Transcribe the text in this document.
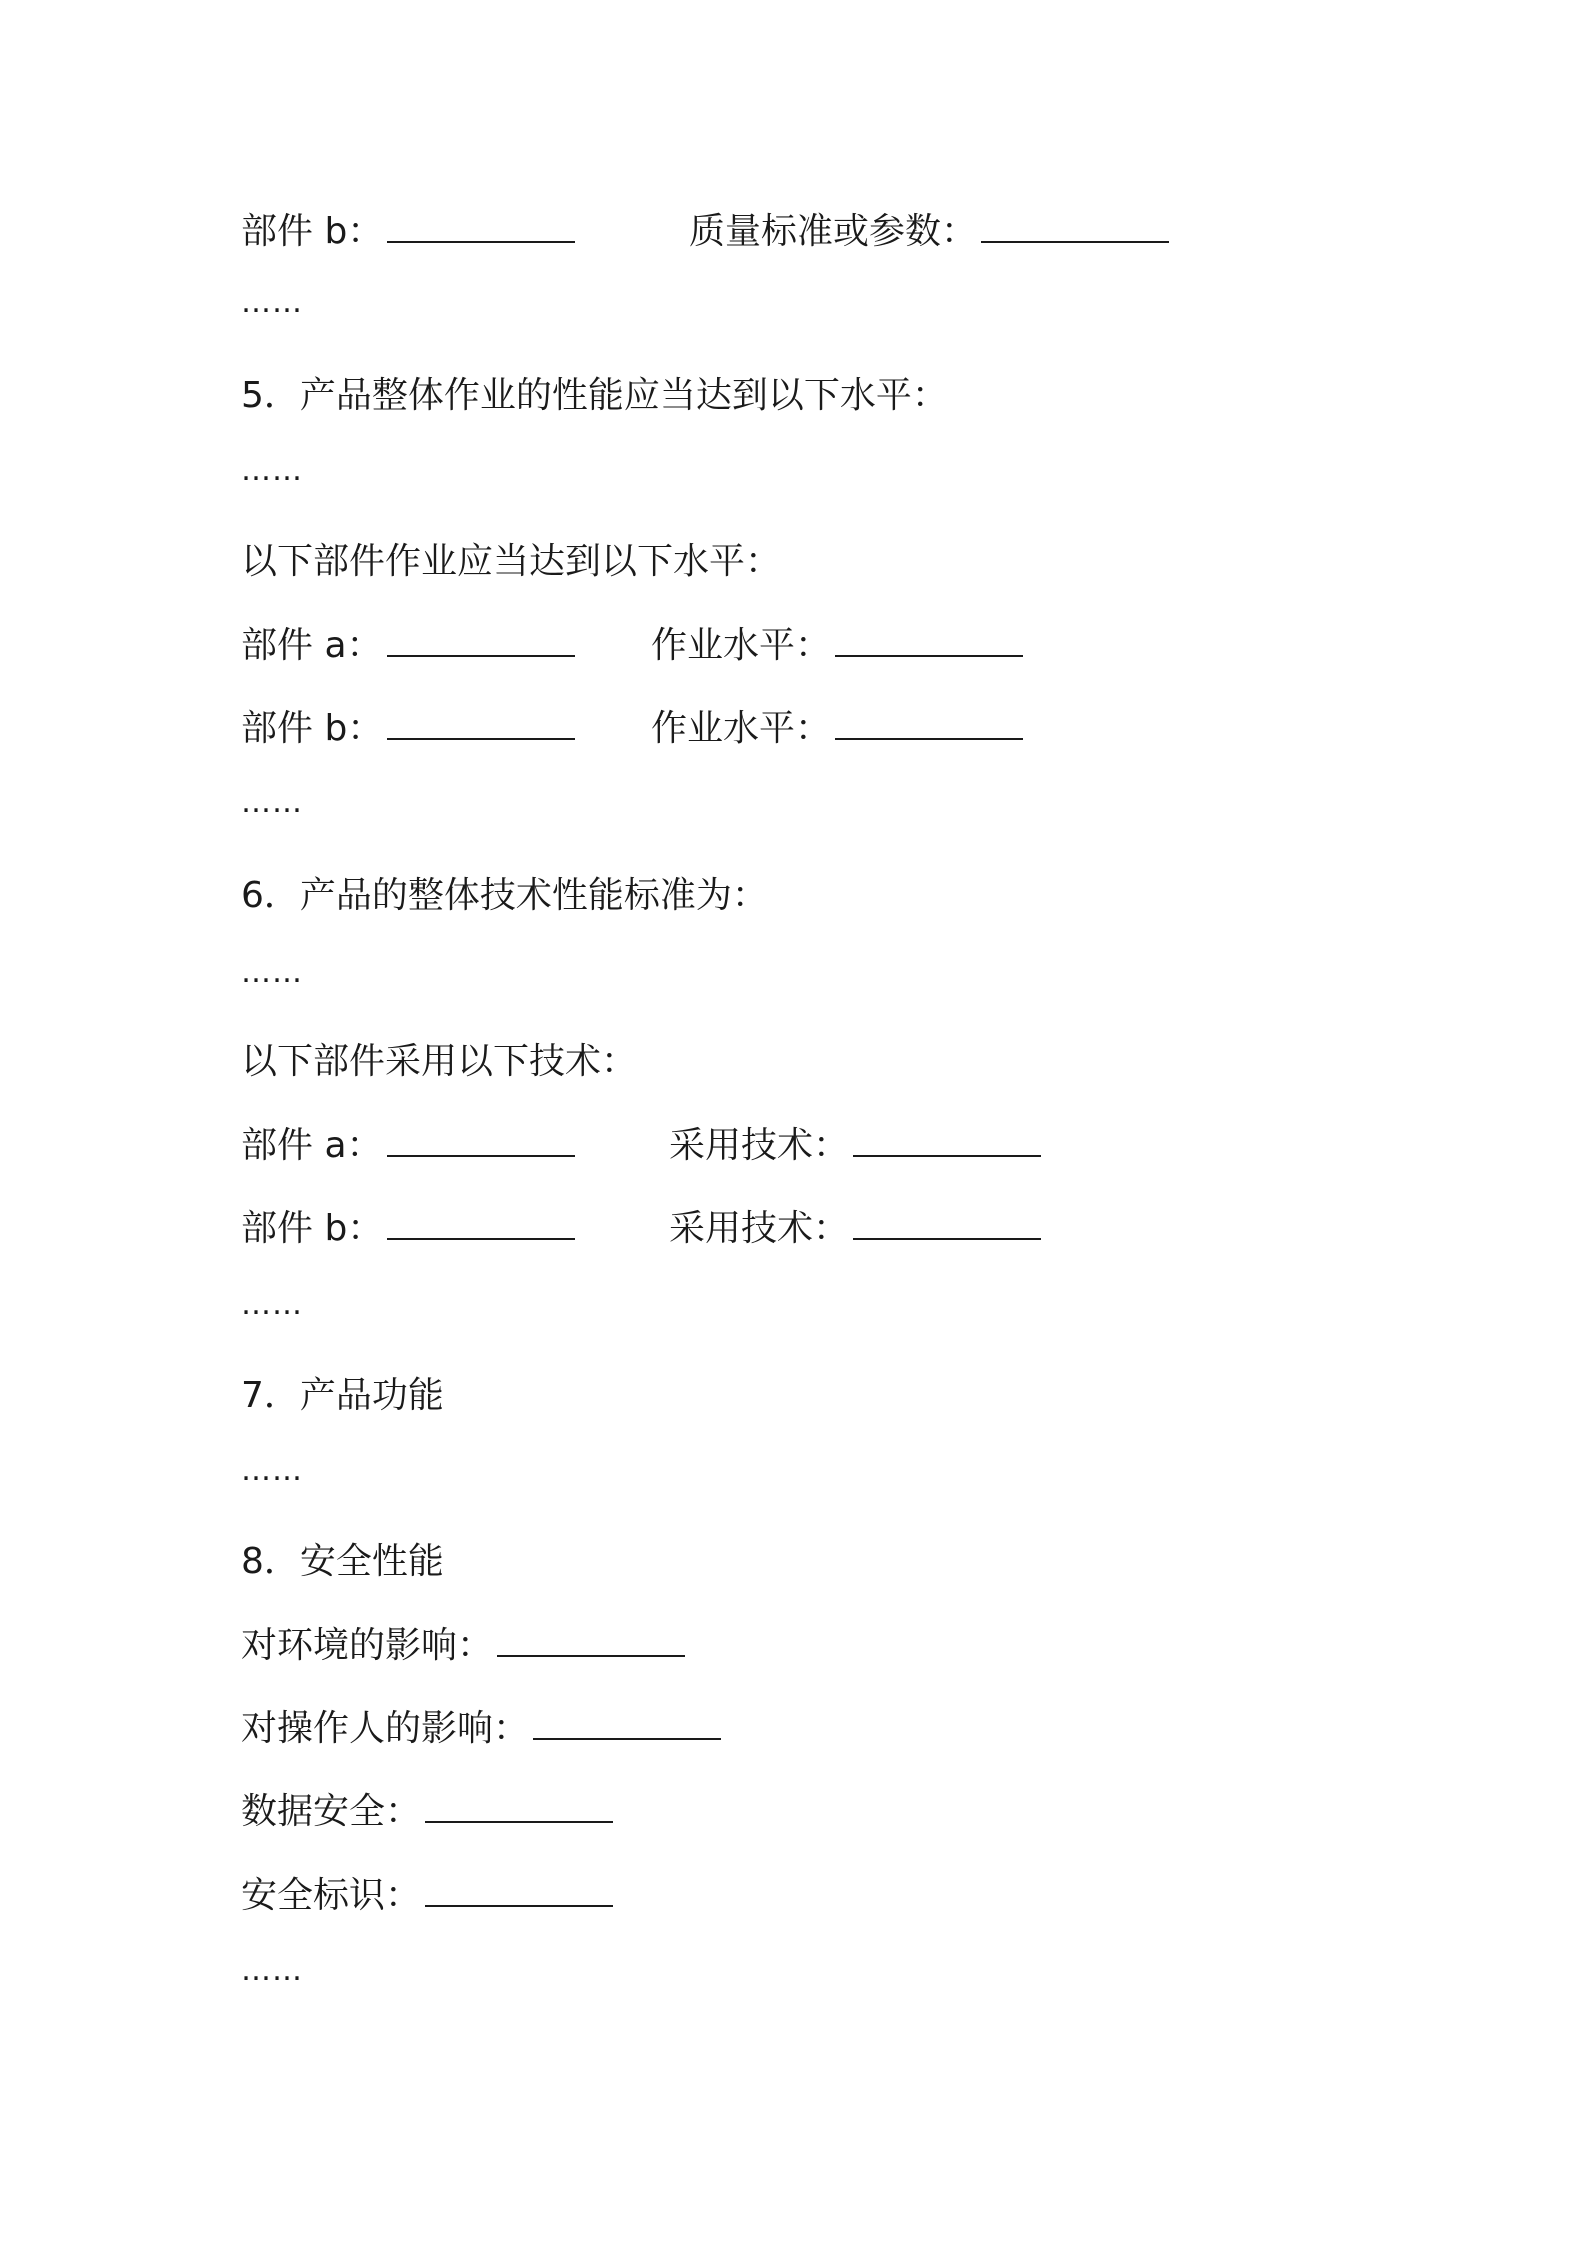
部件 b：	质量标准或参数：
……
5．产品整体作业的性能应当达到以下水平：
……
以下部件作业应当达到以下水平：
部件 a：	作业水平：
部件 b：	作业水平：
……
6．产品的整体技术性能标准为：
……
以下部件采用以下技术：
部件 a：	采用技术：
部件 b：	采用技术：
……
7．产品功能
……
8．安全性能
对环境的影响：
对操作人的影响：
数据安全：
安全标识：
……
